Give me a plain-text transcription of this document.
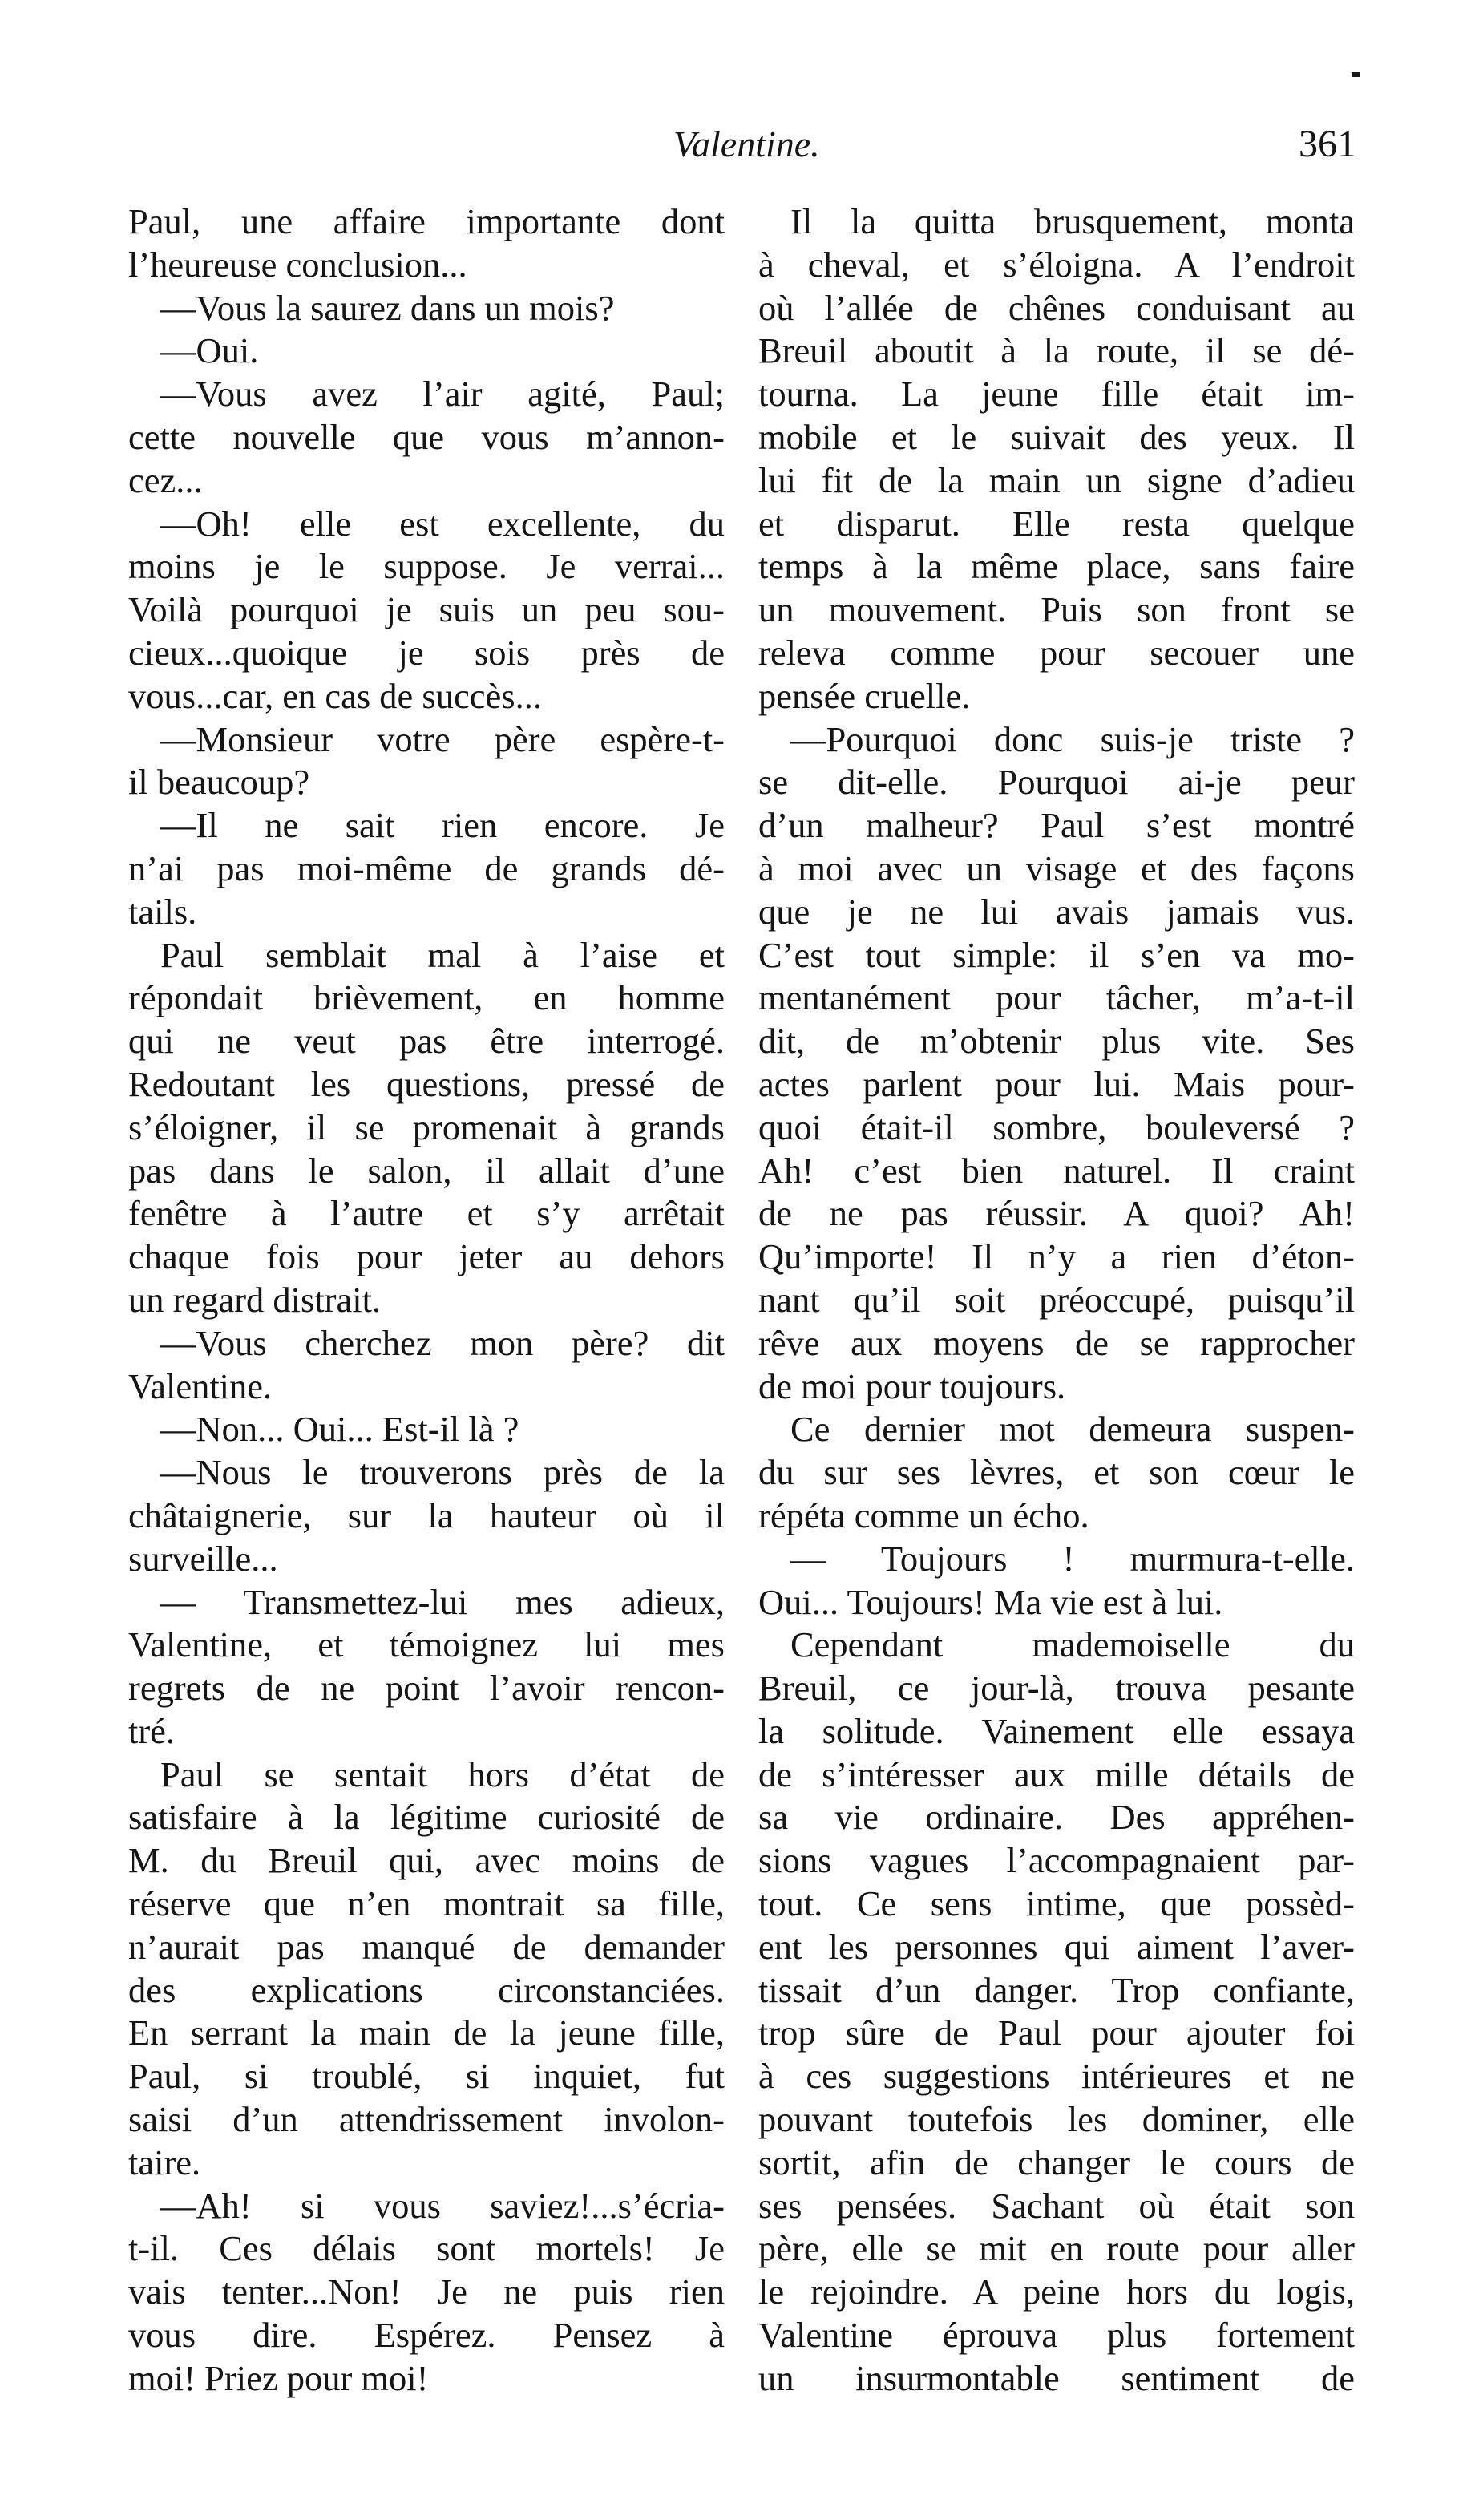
Valentine.	361
Paul, une affaire importante dont
l’heureuse conclusion...
—Vous la saurez dans un mois?
—Oui.
—Vous avez l’air agité, Paul;
cette nouvelle que vous m’annon-
cez...
—Oh! elle est excellente, du
moins je le suppose. Je verrai...
Voilà pourquoi je suis un peu sou-
cieux...quoique je sois près de
vous...car, en cas de succès...
—Monsieur votre père espère-t-
il beaucoup?
—Il ne sait rien encore. Je
n’ai pas moi-même de grands dé-
tails.
Paul semblait mal à l’aise et
répondait brièvement, en homme
qui ne veut pas être interrogé.
Redoutant les questions, pressé de
s’éloigner, il se promenait à grands
pas dans le salon, il allait d’une
fenêtre à l’autre et s’y arrêtait
chaque fois pour jeter au dehors
un regard distrait.
—Vous cherchez mon père? dit
Valentine.
—Non... Oui... Est-il là ?
—Nous le trouverons près de la
châtaignerie, sur la hauteur où il
surveille...
— Transmettez-lui mes adieux,
Valentine, et témoignez lui mes
regrets de ne point l’avoir rencon-
tré.
Paul se sentait hors d’état de
satisfaire à la légitime curiosité de
M. du Breuil qui, avec moins de
réserve que n’en montrait sa fille,
n’aurait pas manqué de demander
des explications circonstanciées.
En serrant la main de la jeune fille,
Paul, si troublé, si inquiet, fut
saisi d’un attendrissement involon-
taire.
—Ah! si vous saviez!...s’écria-
t-il. Ces délais sont mortels! Je
vais tenter...Non! Je ne puis rien
vous dire. Espérez. Pensez à
moi! Priez pour moi!
Il la quitta brusquement, monta
à cheval, et s’éloigna. A l’endroit
où l’allée de chênes conduisant au
Breuil aboutit à la route, il se dé-
tourna. La jeune fille était im-
mobile et le suivait des yeux. Il
lui fit de la main un signe d’adieu
et disparut. Elle resta quelque
temps à la même place, sans faire
un mouvement. Puis son front se
releva comme pour secouer une
pensée cruelle.
—Pourquoi donc suis-je triste ?
se dit-elle. Pourquoi ai-je peur
d’un malheur? Paul s’est montré
à moi avec un visage et des façons
que je ne lui avais jamais vus.
C’est tout simple: il s’en va mo-
mentanément pour tâcher, m’a-t-il
dit, de m’obtenir plus vite. Ses
actes parlent pour lui. Mais pour-
quoi était-il sombre, bouleversé ?
Ah! c’est bien naturel. Il craint
de ne pas réussir. A quoi? Ah!
Qu’importe! Il n’y a rien d’éton-
nant qu’il soit préoccupé, puisqu’il
rêve aux moyens de se rapprocher
de moi pour toujours.
Ce dernier mot demeura suspen-
du sur ses lèvres, et son cœur le
répéta comme un écho.
— Toujours ! murmura-t-elle.
Oui... Toujours! Ma vie est à lui.
Cependant mademoiselle du
Breuil, ce jour-là, trouva pesante
la solitude. Vainement elle essaya
de s’intéresser aux mille détails de
sa vie ordinaire. Des appréhen-
sions vagues l’accompagnaient par-
tout. Ce sens intime, que possèd-
ent les personnes qui aiment l’aver-
tissait d’un danger. Trop confiante,
trop sûre de Paul pour ajouter foi
à ces suggestions intérieures et ne
pouvant toutefois les dominer, elle
sortit, afin de changer le cours de
ses pensées. Sachant où était son
père, elle se mit en route pour aller
le rejoindre. A peine hors du logis,
Valentine éprouva plus fortement
un insurmontable sentiment de
